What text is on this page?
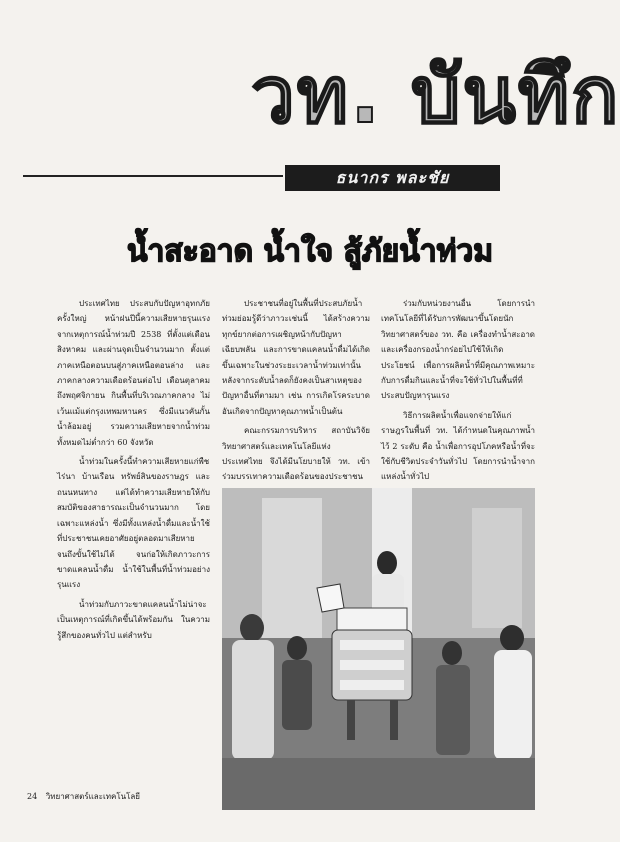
วท. บันทึก
ธนากร พละชัย
น้ำสะอาด น้ำใจ สู้ภัยน้ำท่วม

ประเทศไทย ประสบกับปัญหาอุทกภัยครั้งใหญ่ หน้าฝนปีนี้ความเสียหายรุนแรง จากเหตุการณ์น้ำท่วมปี 2538 ที่ตั้งแต่เดือนสิงหาคม และผ่านจุดเป็นจำนวนมาก ตั้งแต่ภาคเหนือตอนบนสู่ภาคเหนือตอนล่าง และภาคกลางความเดือดร้อนต่อไป เดือนตุลาคม ถึงพฤศจิกายน กินพื้นที่บริเวณภาคกลาง ไม่เว้นแม้แต่กรุงเทพมหานคร ซึ่งมีแนวคันกั้นน้ำล้อมอยู่ รวมความเสียหายจากน้ำท่วมทั้งหมดไม่ต่ำกว่า 60 จังหวัด

น้ำท่วมในครั้งนี้ทำความเสียหายแก่พืชไร่นา บ้านเรือน ทรัพย์สินของราษฎร และถนนหนทาง แต่ได้ทำความเสียหายให้กับสมบัติของสาธารณะเป็นจำนวนมาก โดยเฉพาะแหล่งน้ำ ซึ่งมีทั้งแหล่งน้ำดื่มและน้ำใช้ที่ประชาชนเคยอาศัยอยู่ตลอดมาเสียหายจนถึงขั้นใช้ไม่ได้ จนก่อให้เกิดภาวะการขาดแคลนน้ำดื่ม น้ำใช้ในพื้นที่น้ำท่วมอย่างรุนแรง

น้ำท่วมกับภาวะขาดแคลนน้ำไม่น่าจะเป็นเหตุการณ์ที่เกิดขึ้นได้พร้อมกัน ในความรู้สึกของคนทั่วไป แต่สำหรับ

ประชาชนที่อยู่ในพื้นที่ประสบภัยน้ำท่วมย่อมรู้ดีว่าภาวะเช่นนี้ ได้สร้างความทุกข์ยากต่อการเผชิญหน้ากับปัญหาเฉียบพลัน และการขาดแคลนน้ำดื่มได้เกิดขึ้นเฉพาะในช่วงระยะเวลาน้ำท่วมเท่านั้น หลังจากระดับน้ำลดก็ยังคงเป็นสาเหตุของปัญหาอื่นที่ตามมา เช่น การเกิดโรคระบาด อันเกิดจากปัญหาคุณภาพน้ำเป็นต้น

คณะกรรมการบริหาร สถาบันวิจัยวิทยาศาสตร์และเทคโนโลยีแห่งประเทศไทย จึงได้มีนโยบายให้ วท. เข้าร่วมบรรเทาความเดือดร้อนของประชาชน

ร่วมกับหน่วยงานอื่น โดยการนำเทคโนโลยีที่ได้รับการพัฒนาขึ้นโดยนักวิทยาศาสตร์ของ วท. คือ เครื่องทำน้ำสะอาด และเครื่องกรองน้ำกร่อยไปใช้ให้เกิดประโยชน์ เพื่อการผลิตน้ำที่มีคุณภาพเหมาะกับการดื่มกินและน้ำที่จะใช้ทั่วไปในพื้นที่ที่ประสบปัญหารุนแรง

วิธีการผลิตน้ำเพื่อแจกจ่ายให้แก่ราษฎรในพื้นที่ วท. ได้กำหนดในคุณภาพน้ำไว้ 2 ระดับ คือ น้ำเพื่อการอุปโภคหรือน้ำที่จะใช้กับชีวิตประจำวันทั่วไป โดยการนำน้ำจากแหล่งน้ำทั่วไป

24 วิทยาศาสตร์และเทคโนโลยี
